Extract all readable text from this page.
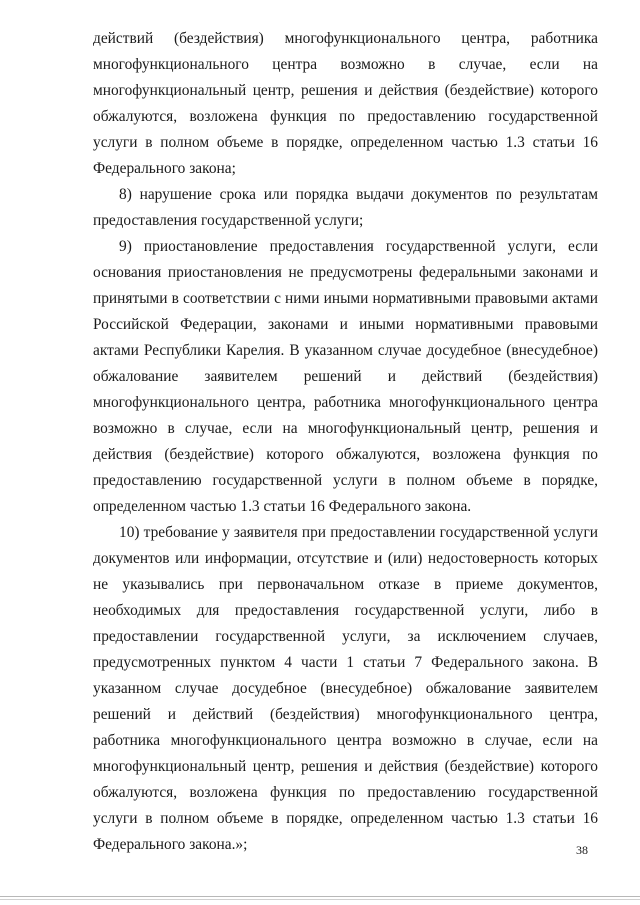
действий (бездействия) многофункционального центра, работника многофункционального центра возможно в случае, если на многофункциональный центр, решения и действия (бездействие) которого обжалуются, возложена функция по предоставлению государственной услуги в полном объеме в порядке, определенном частью 1.3 статьи 16 Федерального закона;

8) нарушение срока или порядка выдачи документов по результатам предоставления государственной услуги;

9) приостановление предоставления государственной услуги, если основания приостановления не предусмотрены федеральными законами и принятыми в соответствии с ними иными нормативными правовыми актами Российской Федерации, законами и иными нормативными правовыми актами Республики Карелия. В указанном случае досудебное (внесудебное) обжалование заявителем решений и действий (бездействия) многофункционального центра, работника многофункционального центра возможно в случае, если на многофункциональный центр, решения и действия (бездействие) которого обжалуются, возложена функция по предоставлению государственной услуги в полном объеме в порядке, определенном частью 1.3 статьи 16 Федерального закона.

10) требование у заявителя при предоставлении государственной услуги документов или информации, отсутствие и (или) недостоверность которых не указывались при первоначальном отказе в приеме документов, необходимых для предоставления государственной услуги, либо в предоставлении государственной услуги, за исключением случаев, предусмотренных пунктом 4 части 1 статьи 7 Федерального закона. В указанном случае досудебное (внесудебное) обжалование заявителем решений и действий (бездействия) многофункционального центра, работника многофункционального центра возможно в случае, если на многофункциональный центр, решения и действия (бездействие) которого обжалуются, возложена функция по предоставлению государственной услуги в полном объеме в порядке, определенном частью 1.3 статьи 16 Федерального закона.»;	38
